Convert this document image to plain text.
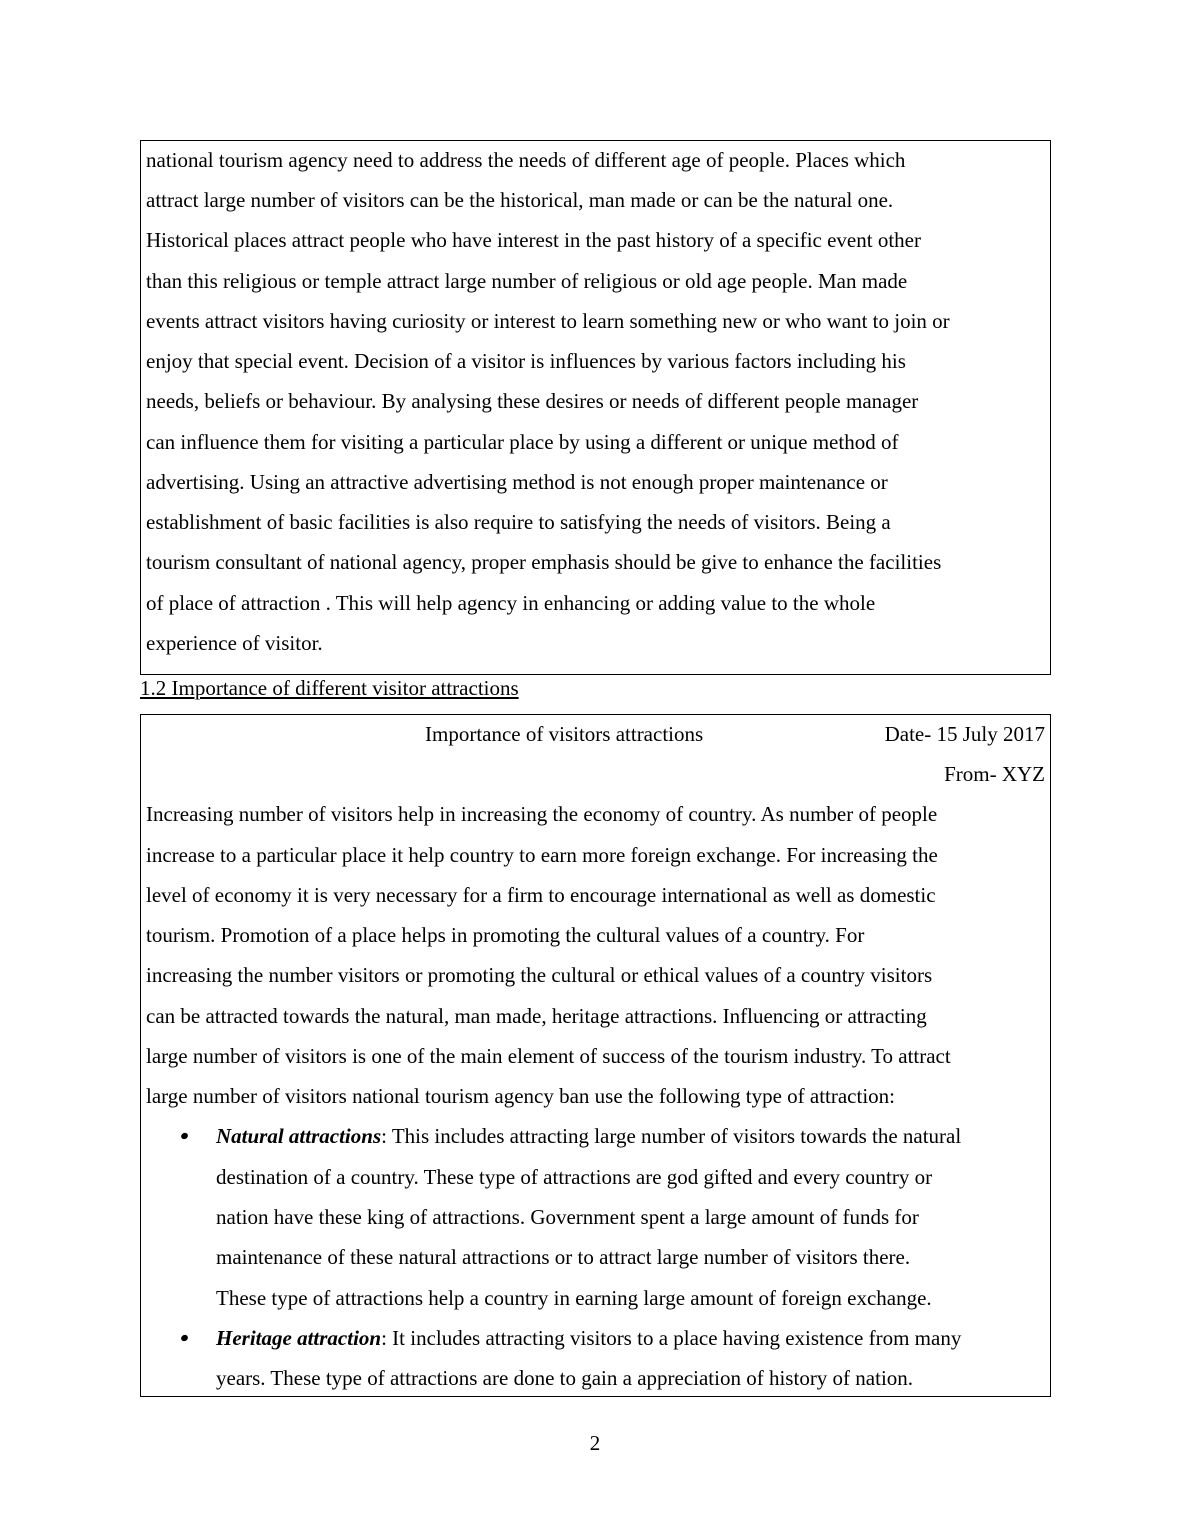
national tourism agency need to address the needs of different age of people. Places which
attract large number of visitors can be the historical, man made or can be the natural one.
Historical places attract people who have interest in the past history of a specific event other
than this religious or temple attract large number of religious or old age people. Man made
events attract visitors having curiosity or interest to learn something new or who want to join or
enjoy that special event. Decision of a visitor is influences by various factors including his
needs, beliefs or behaviour. By analysing these desires or needs of different people manager
can influence them for visiting a particular place by using a different or unique method of
advertising. Using an attractive advertising method is not enough proper maintenance or
establishment of basic facilities is also require to satisfying the needs of visitors. Being a
tourism consultant of national agency, proper emphasis should be give to enhance the facilities
of place of attraction . This will help agency in enhancing or adding value to the whole
experience of visitor.
1.2 Importance of different visitor attractions
Importance of visitors attractions	Date- 15 July 2017
From- XYZ
Increasing number of visitors help in increasing the economy of country. As number of people
increase to a particular place it help country to earn more foreign exchange. For increasing the
level of economy it is very necessary for a firm to encourage international as well as domestic
tourism. Promotion of a place helps in promoting the cultural values of a country. For
increasing the number visitors or promoting the cultural or ethical values of a country visitors
can be attracted towards the natural, man made, heritage attractions. Influencing or attracting
large number of visitors is one of the main element of success of the tourism industry. To attract
large number of visitors national tourism agency ban use the following type of attraction:
Natural attractions: This includes attracting large number of visitors towards the natural
destination of a country. These type of attractions are god gifted and every country or
nation have these king of attractions. Government spent a large amount of funds for
maintenance of these natural attractions or to attract large number of visitors there.
These type of attractions help a country in earning large amount of foreign exchange.
Heritage attraction: It includes attracting visitors to a place having existence from many
years. These type of attractions are done to gain a appreciation of history of nation.
2
